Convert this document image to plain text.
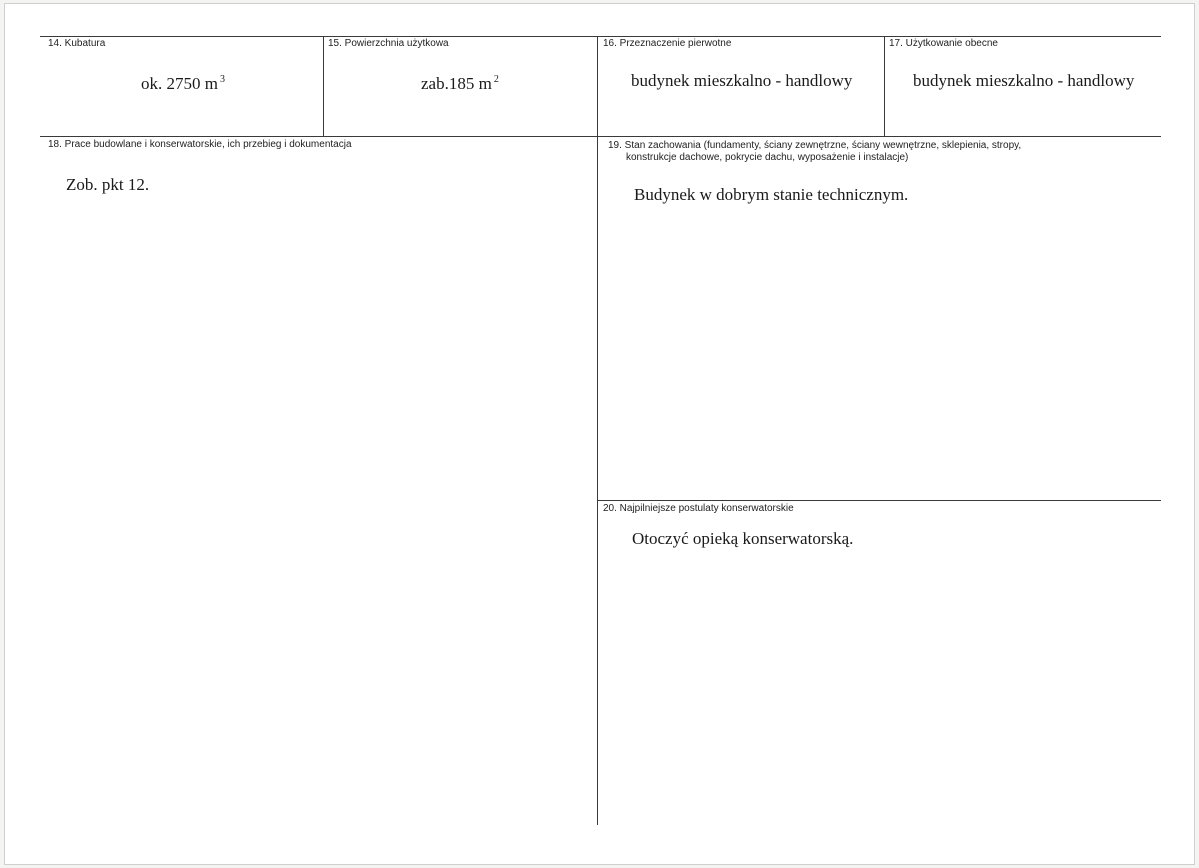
14. Kubatura
ok. 2750 m $^3$
15. Powierzchnia użytkowa
zab.185 m $^2$
16. Przeznaczenie pierwotne
budynek mieszkalno - handlowy
17. Użytkowanie obecne
budynek mieszkalno - handlowy
18. Prace budowlane i konserwatorskie, ich przebieg i dokumentacja
Zob. pkt 12.
19. Stan zachowania (fundamenty, ściany zewnętrzne, ściany wewnętrzne, sklepienia, stropy,
konstrukcje dachowe, pokrycie dachu, wyposażenie i instalacje)
Budynek w dobrym stanie technicznym.
20. Najpilniejsze postulaty konserwatorskie
Otoczyć opieką konserwatorską.
